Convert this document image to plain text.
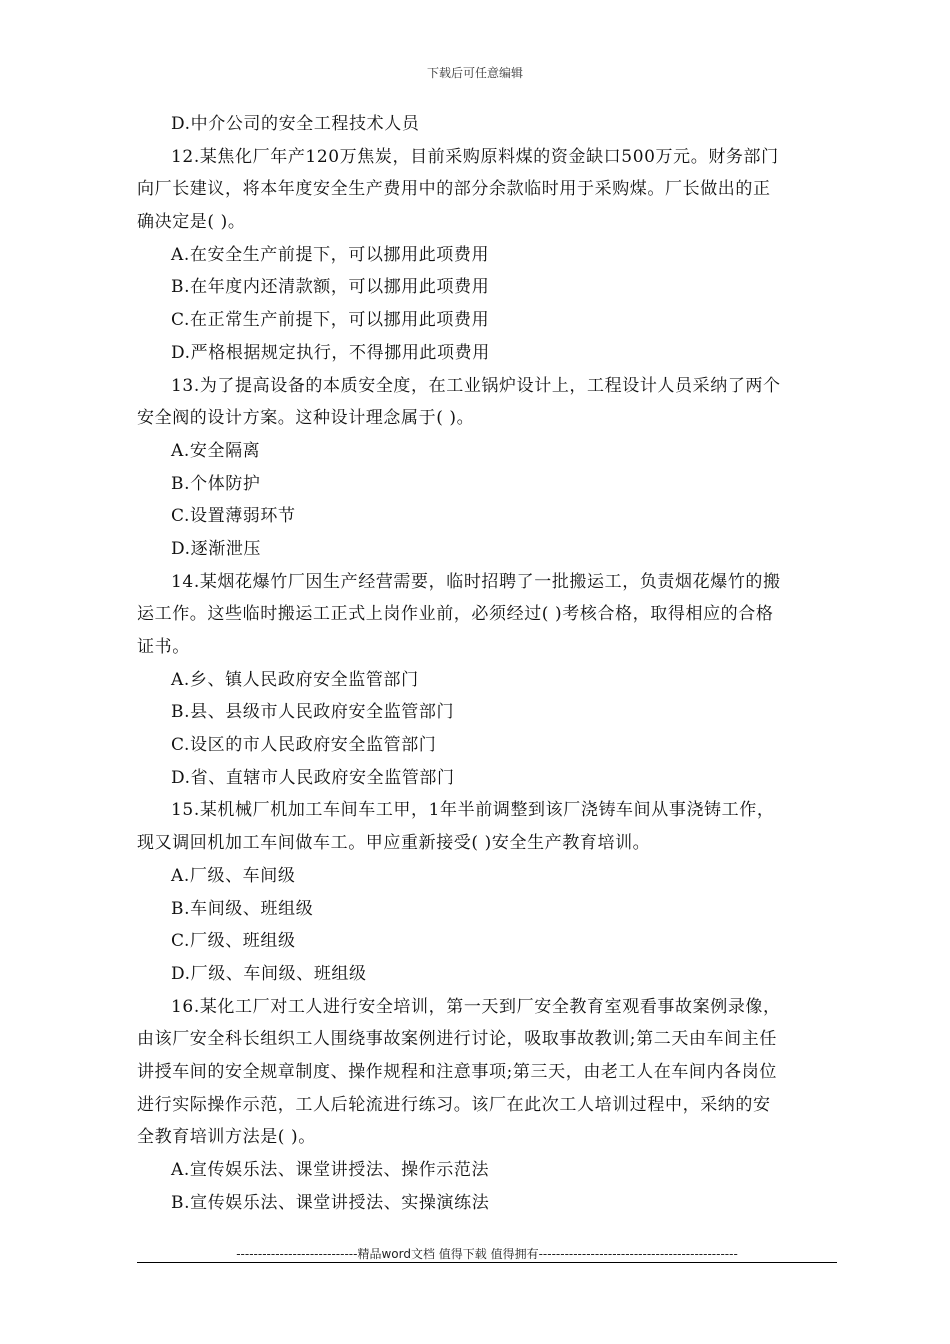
下载后可任意编辑
D.中介公司的安全工程技术人员
12.某焦化厂年产120万焦炭，目前采购原料煤的资金缺口500万元。财务部门
向厂长建议，将本年度安全生产费用中的部分余款临时用于采购煤。厂长做出的正
确决定是( )。
A.在安全生产前提下，可以挪用此项费用
B.在年度内还清款额，可以挪用此项费用
C.在正常生产前提下，可以挪用此项费用
D.严格根据规定执行，不得挪用此项费用
13.为了提高设备的本质安全度，在工业锅炉设计上，工程设计人员采纳了两个
安全阀的设计方案。这种设计理念属于( )。
A.安全隔离
B.个体防护
C.设置薄弱环节
D.逐渐泄压
14.某烟花爆竹厂因生产经营需要，临时招聘了一批搬运工，负责烟花爆竹的搬
运工作。这些临时搬运工正式上岗作业前，必须经过( )考核合格，取得相应的合格
证书。
A.乡、镇人民政府安全监管部门
B.县、县级市人民政府安全监管部门
C.设区的市人民政府安全监管部门
D.省、直辖市人民政府安全监管部门
15.某机械厂机加工车间车工甲，1年半前调整到该厂浇铸车间从事浇铸工作，
现又调回机加工车间做车工。甲应重新接受( )安全生产教育培训。
A.厂级、车间级
B.车间级、班组级
C.厂级、班组级
D.厂级、车间级、班组级
16.某化工厂对工人进行安全培训，第一天到厂安全教育室观看事故案例录像，
由该厂安全科长组织工人围绕事故案例进行讨论，吸取事故教训;第二天由车间主任
讲授车间的安全规章制度、操作规程和注意事项;第三天，由老工人在车间内各岗位
进行实际操作示范，工人后轮流进行练习。该厂在此次工人培训过程中，采纳的安
全教育培训方法是( )。
A.宣传娱乐法、课堂讲授法、操作示范法
B.宣传娱乐法、课堂讲授法、实操演练法
----------------------------精品word文档 值得下载 值得拥有----------------------------------------------
